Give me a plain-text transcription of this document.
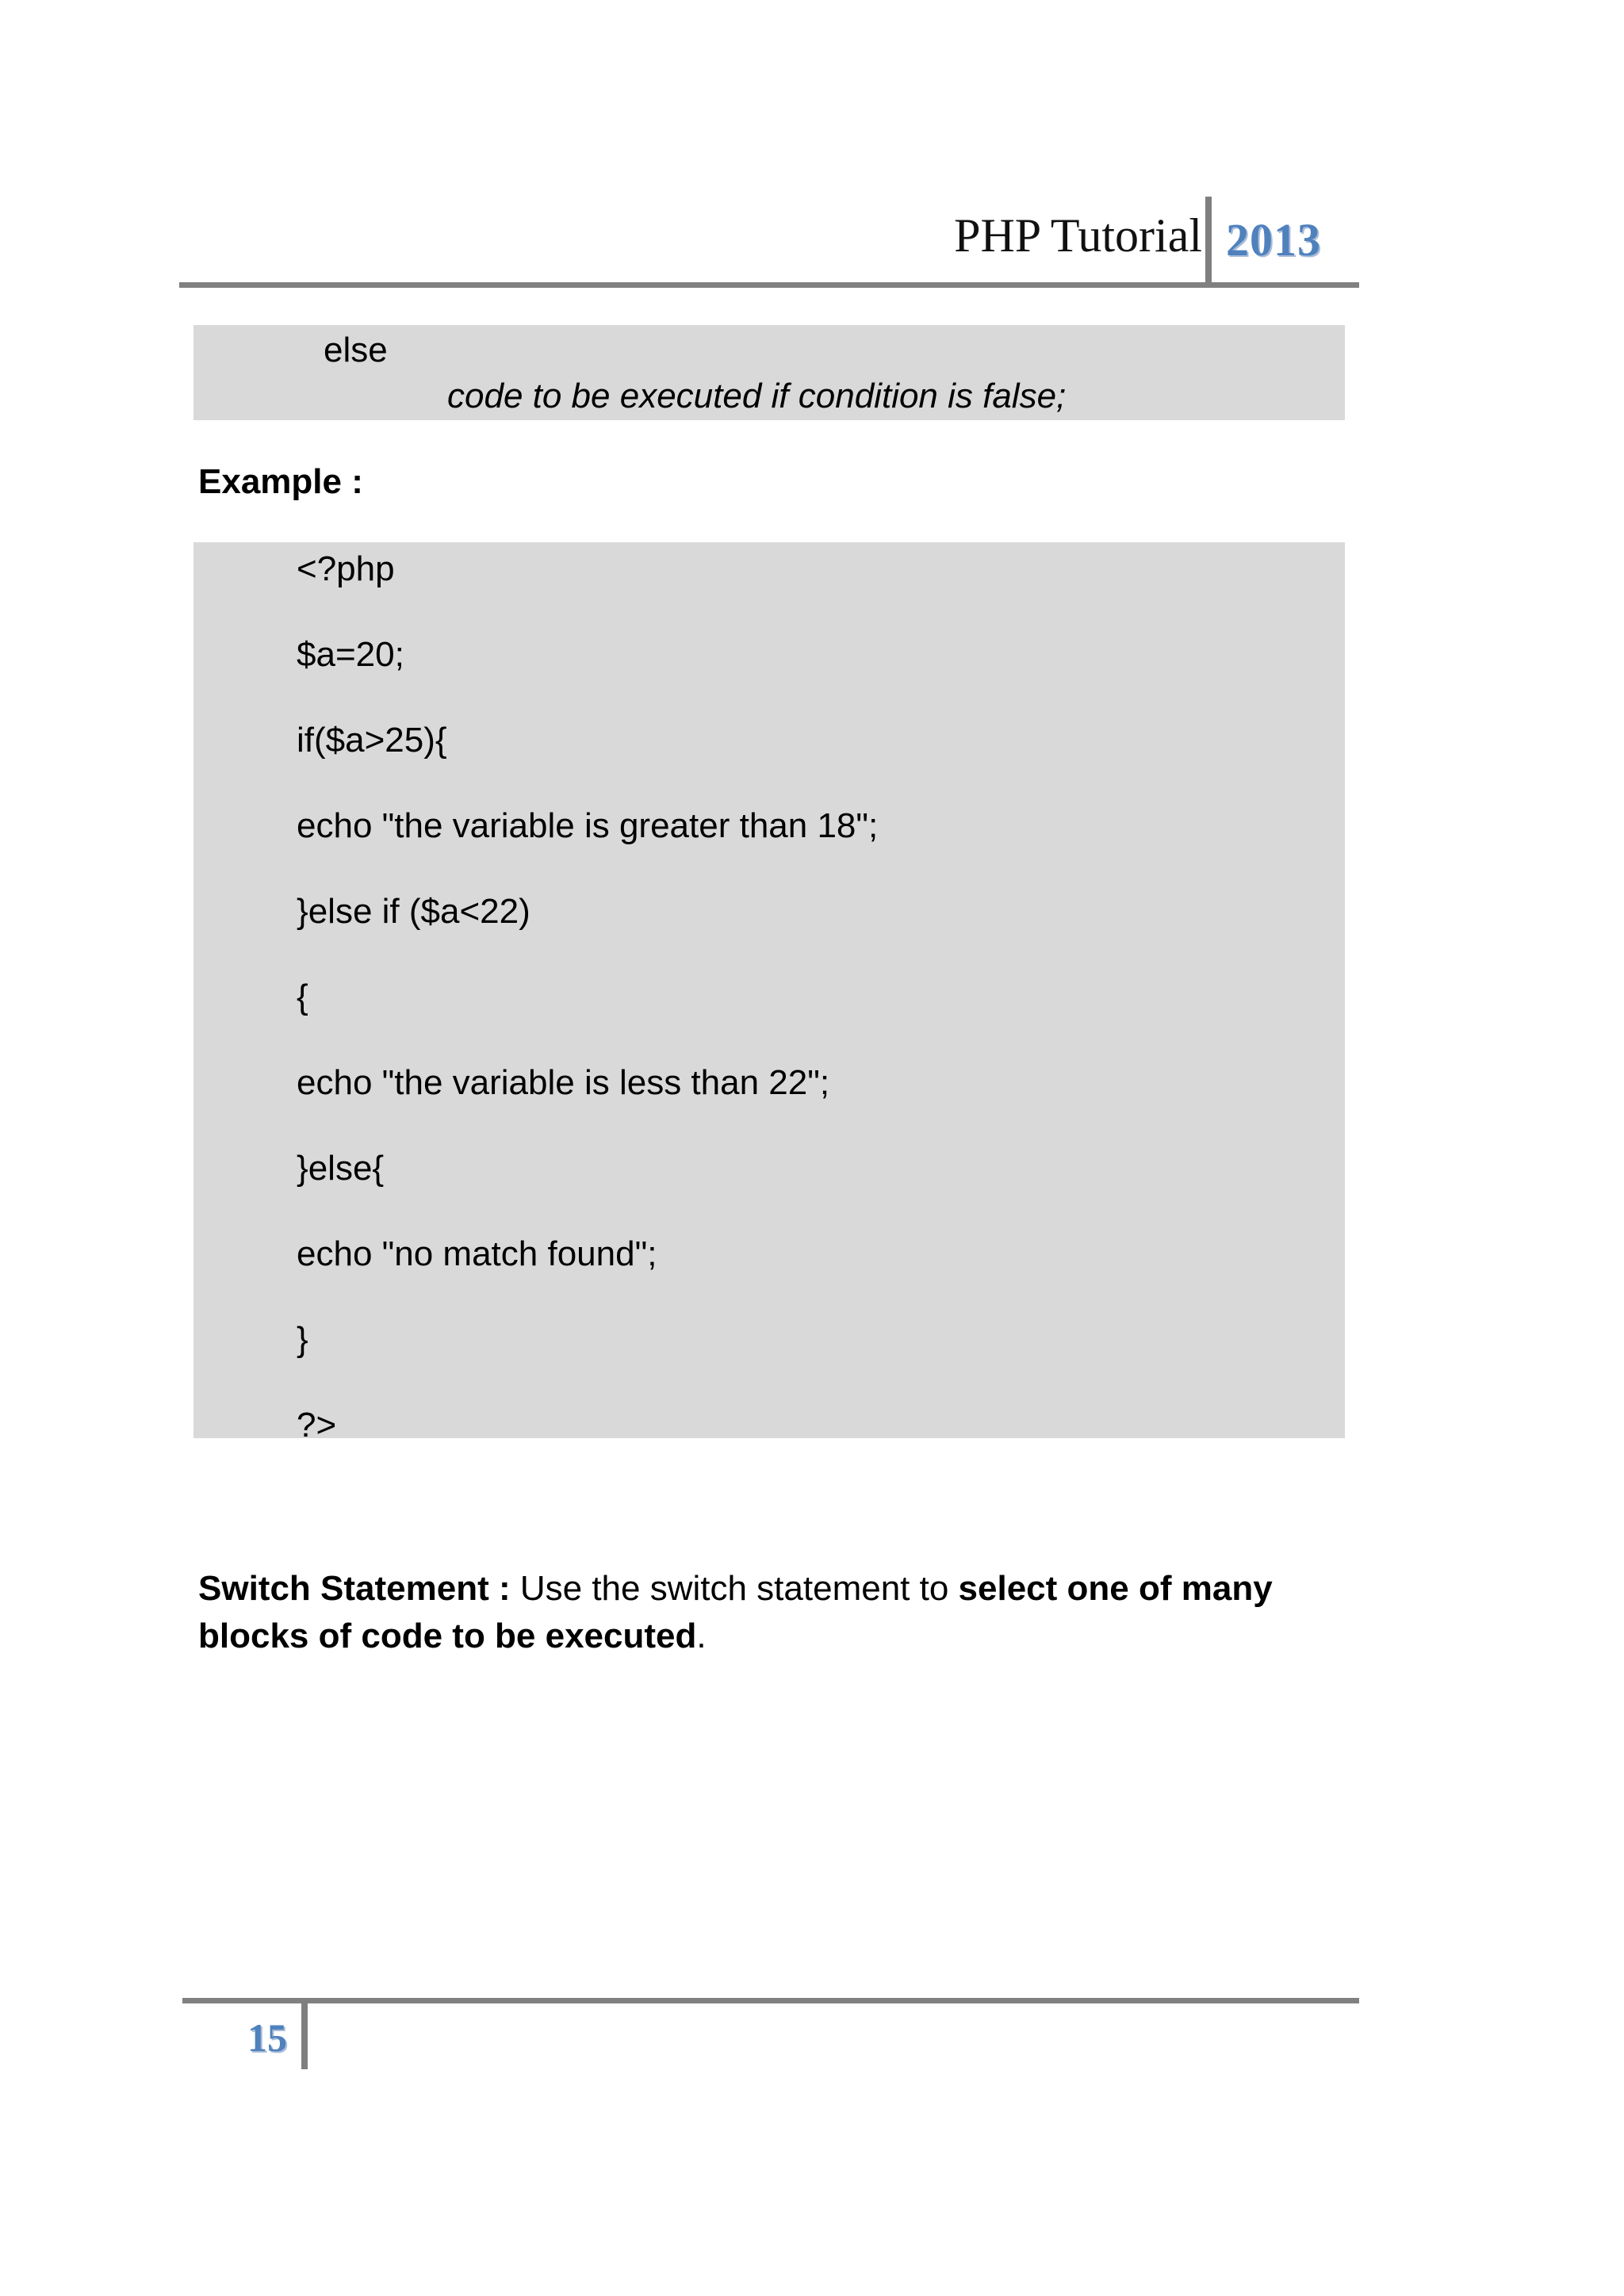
PHP Tutorial 2013
else
code to be executed if condition is false;
Example :
<?php
$a=20;
if($a>25){
echo "the variable is greater than 18";
}else if ($a<22)
{
echo "the variable is less than 22";
}else{
echo "no match found";
}
?>
Switch Statement : Use the switch statement to select one of many
blocks of code to be executed.
15
